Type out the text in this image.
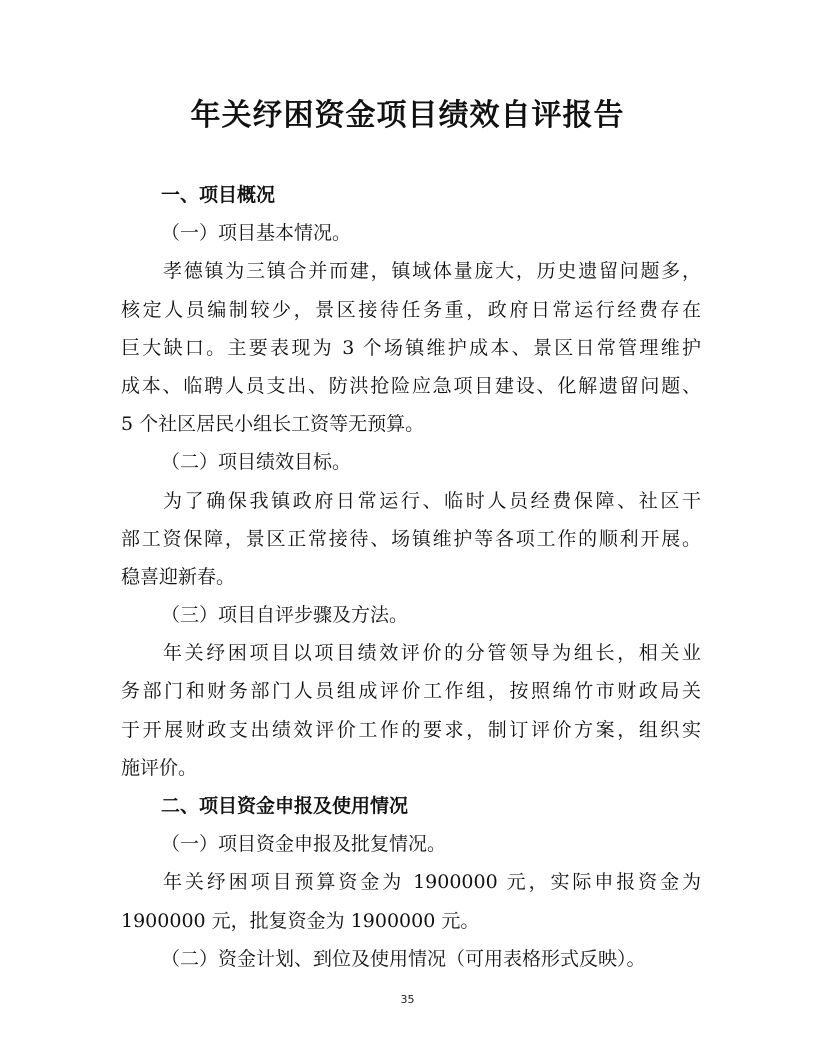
年关纾困资金项目绩效自评报告
一、项目概况
（一）项目基本情况。
孝德镇为三镇合并而建，镇域体量庞大，历史遗留问题多，
核定人员编制较少，景区接待任务重，政府日常运行经费存在
巨大缺口。主要表现为 3 个场镇维护成本、景区日常管理维护
成本、临聘人员支出、防洪抢险应急项目建设、化解遗留问题、
5 个社区居民小组长工资等无预算。
（二）项目绩效目标。
为了确保我镇政府日常运行、临时人员经费保障、社区干
部工资保障，景区正常接待、场镇维护等各项工作的顺利开展。
稳喜迎新春。
（三）项目自评步骤及方法。
年关纾困项目以项目绩效评价的分管领导为组长，相关业
务部门和财务部门人员组成评价工作组，按照绵竹市财政局关
于开展财政支出绩效评价工作的要求，制订评价方案，组织实
施评价。
二、项目资金申报及使用情况
（一）项目资金申报及批复情况。
年关纾困项目预算资金为 1900000 元，实际申报资金为
1900000 元，批复资金为 1900000 元。
（二）资金计划、到位及使用情况（可用表格形式反映）。
35
